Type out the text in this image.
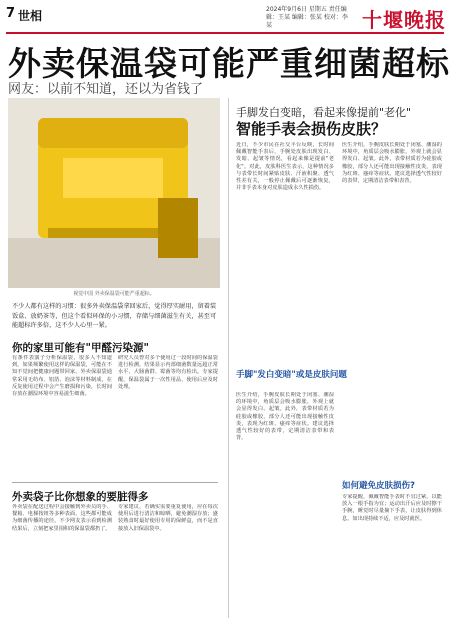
7 世相	2024年9月6日 星期五 责任编辑：王某 编辑：张某 校对：李某	十堰晚报
外卖保温袋可能严重细菌超标
网友：以前不知道，还以为省钱了
视觉中国 外卖保温袋可能严重超标。
不少人都有这样的习惯：很多外卖保温袋拿回家后，觉得厚实耐用，留着装饭盒、放奶茶等，但这个看似环保的小习惯，存储与细菌滋生有关，甚至可能超标许多倍，这不少人心里一紧。
你的家里可能有"甲醛污染源"
有条件表演子分析保温袋，很多人不知道到，如果频繁使用这样的保温袋，可能在不知不觉间把健康问题带回家。外卖保温袋通常采用无纺布、铝箔、泡沫等材料制成，在反复使用过程中会产生磨损和污染，长时间存放在潮湿环境中容易滋生细菌。
研究人员曾对多个使用过一段时间的保温袋进行检测，结果显示内部细菌数量远超正常水平，大肠菌群、霉菌等均有检出。专家提醒，保温袋属于一次性用品，使用后应及时处理。
外卖袋子比你想象的要脏得多
外卖袋在配送过程中会接触到外卖员的手、餐箱、电梯按钮等多种表面，这些都可能成为细菌传播的途径。不少网友表示看到检测结果后，立刻把家里囤积的保温袋都扔了。
专家建议，若确实需要重复使用，应在每次使用后进行清洁和晾晒，避免潮湿存放；盛装熟食时最好使用专用的保鲜盒，而不是直接放入旧保温袋中。
手脚发白变暗，看起来像提前"老化"
智能手表会损伤皮肤？
近日，不少市民在社交平台反映，长时间佩戴智能手表后，手腕处皮肤出现发白、发暗、起皱等情况，看起来像是提前"老化"。对此，皮肤科医生表示，这种情况多与表带长时间紧贴皮肤、汗液积聚、透气性差有关，一般停止佩戴后可逐渐恢复，并非手表本身对皮肤造成永久性损伤。
医生介绍，手腕皮肤长期处于闭塞、潮湿的环境中，角质层会吸水膨胀，外观上就会显得发白、起皱。此外，表带材质若为硅胶或橡胶，部分人还可能出现接触性皮炎，表现为红斑、瘙痒等症状。建议选择透气性较好的表带，定期清洁表带和表背。
手脚"发白变暗"或是皮肤问题
医生介绍，手腕皮肤长期处于闭塞、潮湿的环境中，角质层会吸水膨胀，外观上就会显得发白、起皱。此外，表带材质若为硅胶或橡胶，部分人还可能出现接触性皮炎，表现为红斑、瘙痒等症状。建议选择透气性较好的表带，定期清洁表带和表背。
如何避免皮肤损伤?
专家提醒，佩戴智能手表时不宜过紧，以能放入一根手指为宜；运动出汗后应及时擦干手腕，睡觉时尽量摘下手表，让皮肤得到休息。如出现持续不适，应及时就医。
